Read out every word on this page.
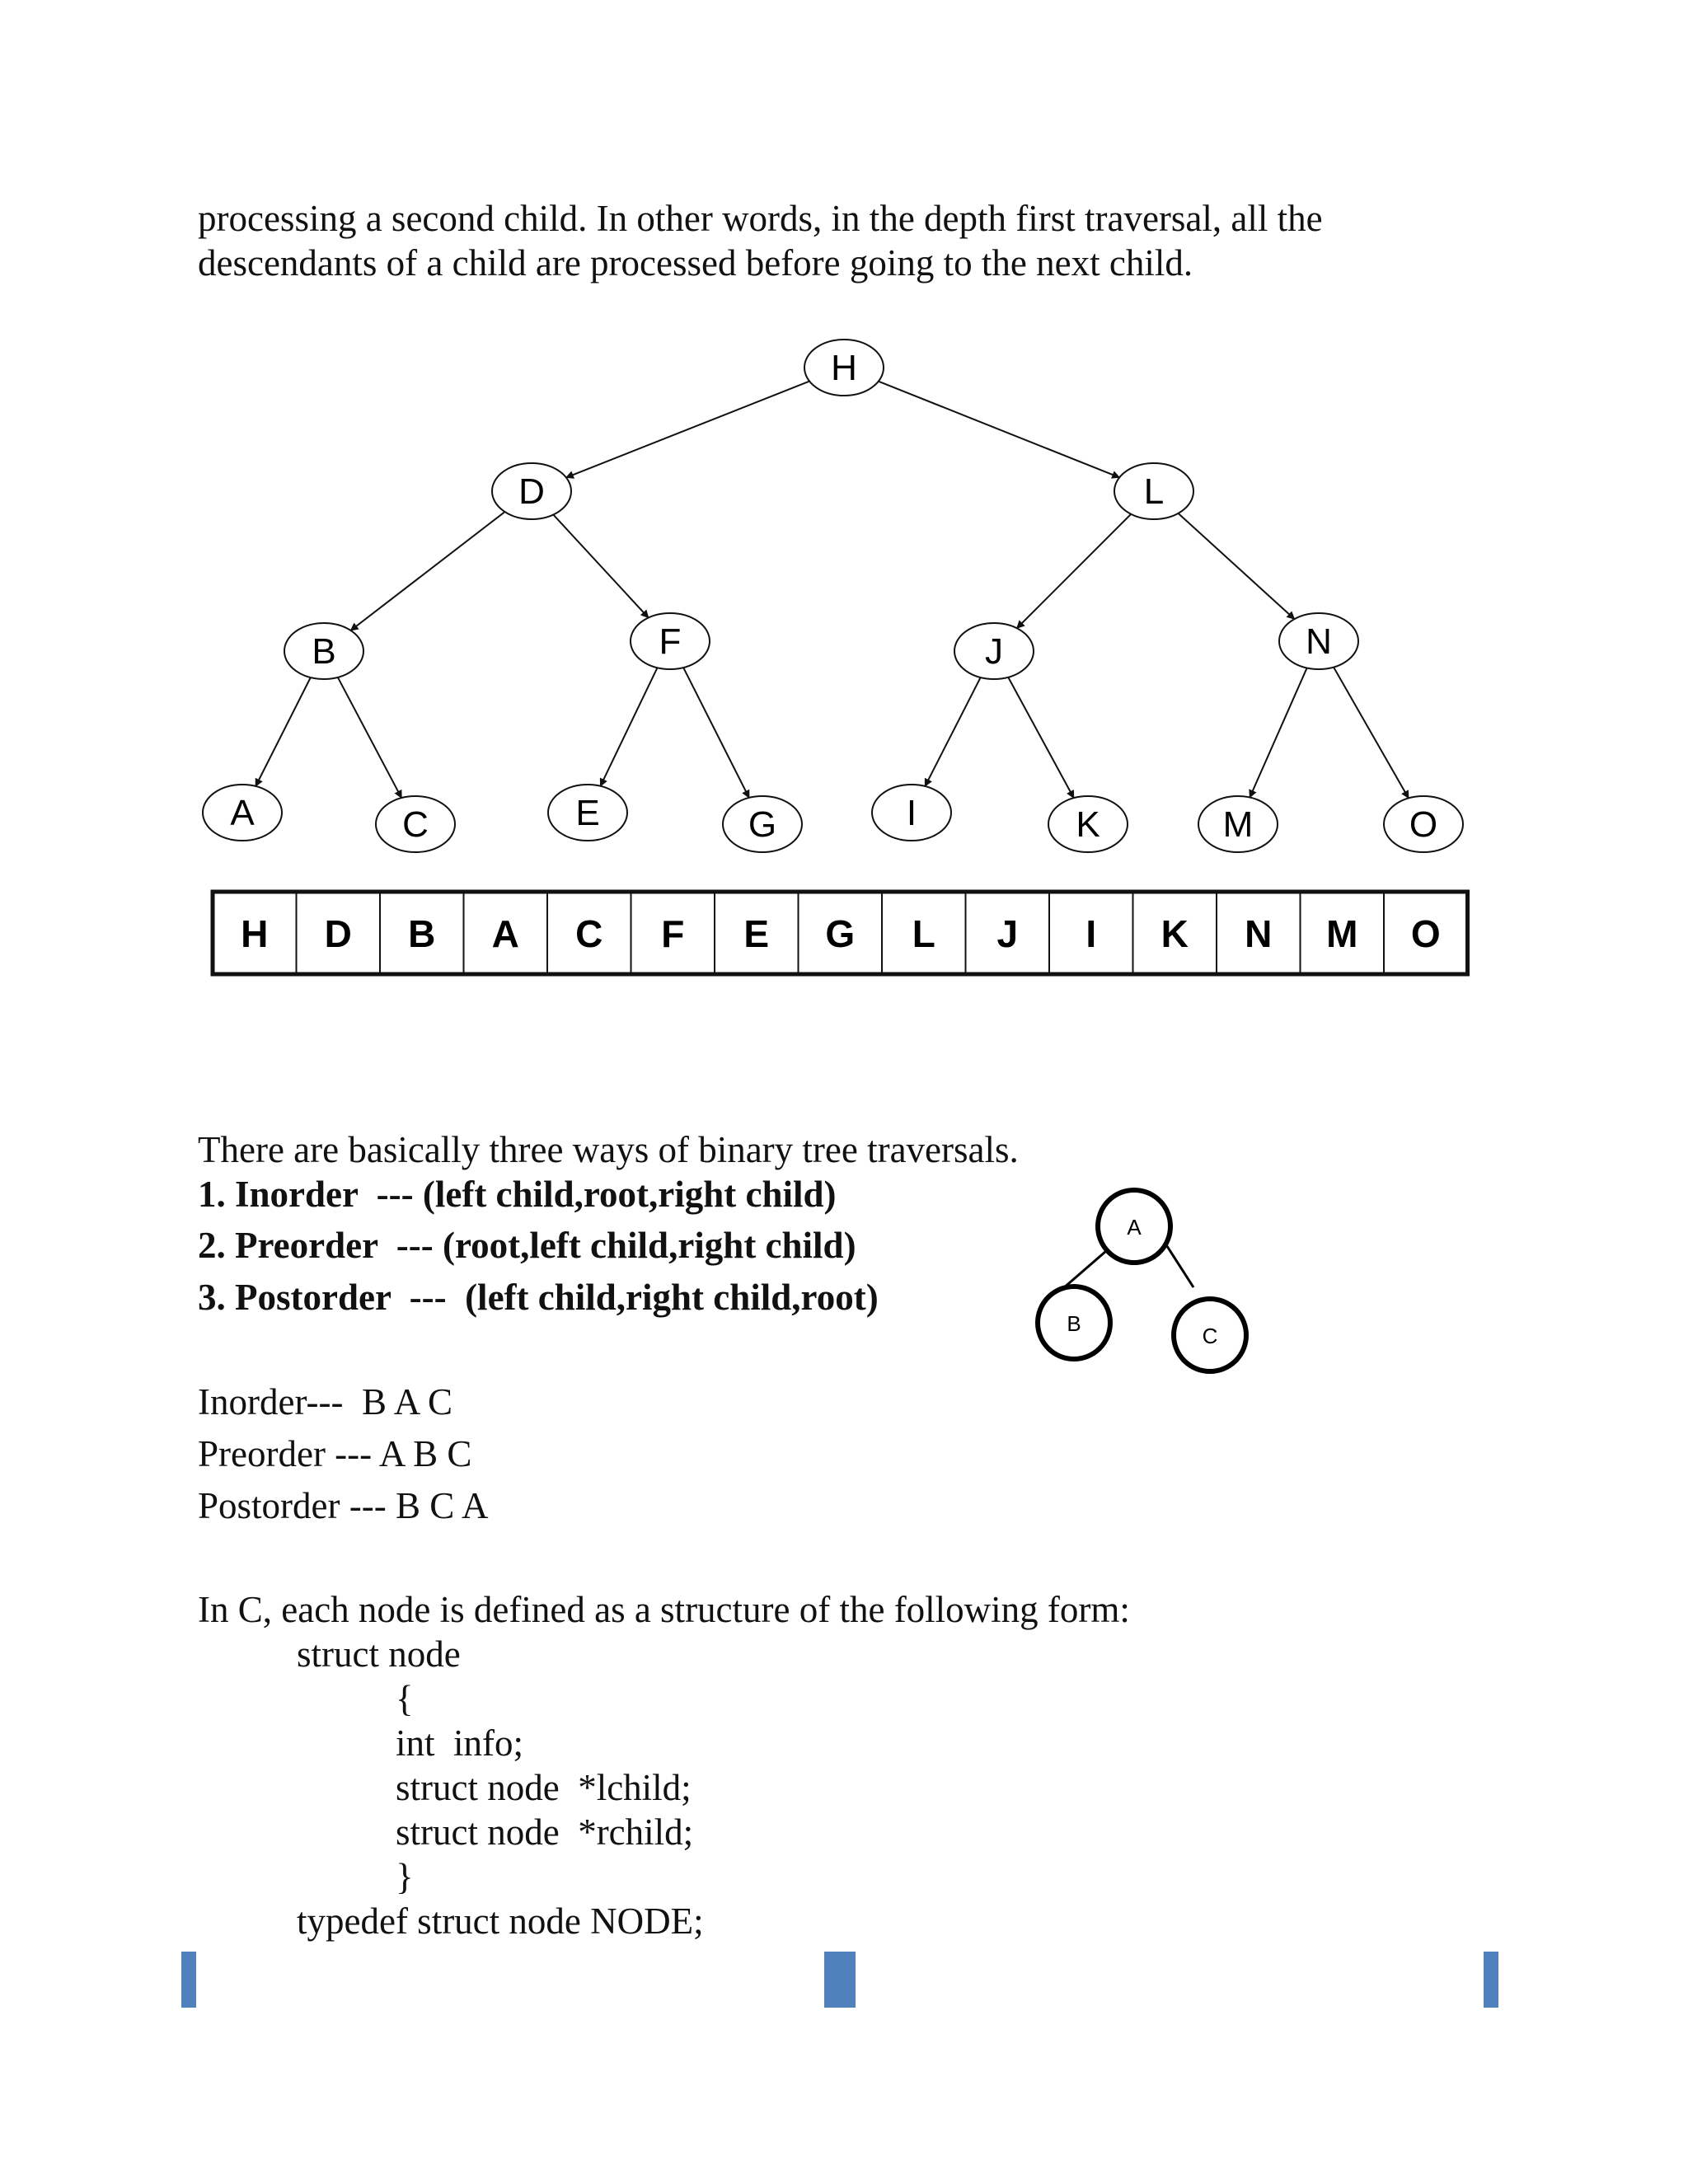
processing a second child. In other words, in the depth first traversal, all the
descendants of a child are processed before going to the next child.
H
D	L
B	F	J	N
A	C	E	G	I	K	M	O
H D B A C F E G L J I K N M O
There are basically three ways of binary tree traversals.
1. Inorder  --- (left child,root,right child)
2. Preorder  --- (root,left child,right child)
3. Postorder  ---  (left child,right child,root)
A
B	C
Inorder---  B A C
Preorder --- A B C
Postorder --- B C A
In C, each node is defined as a structure of the following form:
struct node
{
int  info;
struct node  *lchild;
struct node  *rchild;
}
typedef struct node NODE;
